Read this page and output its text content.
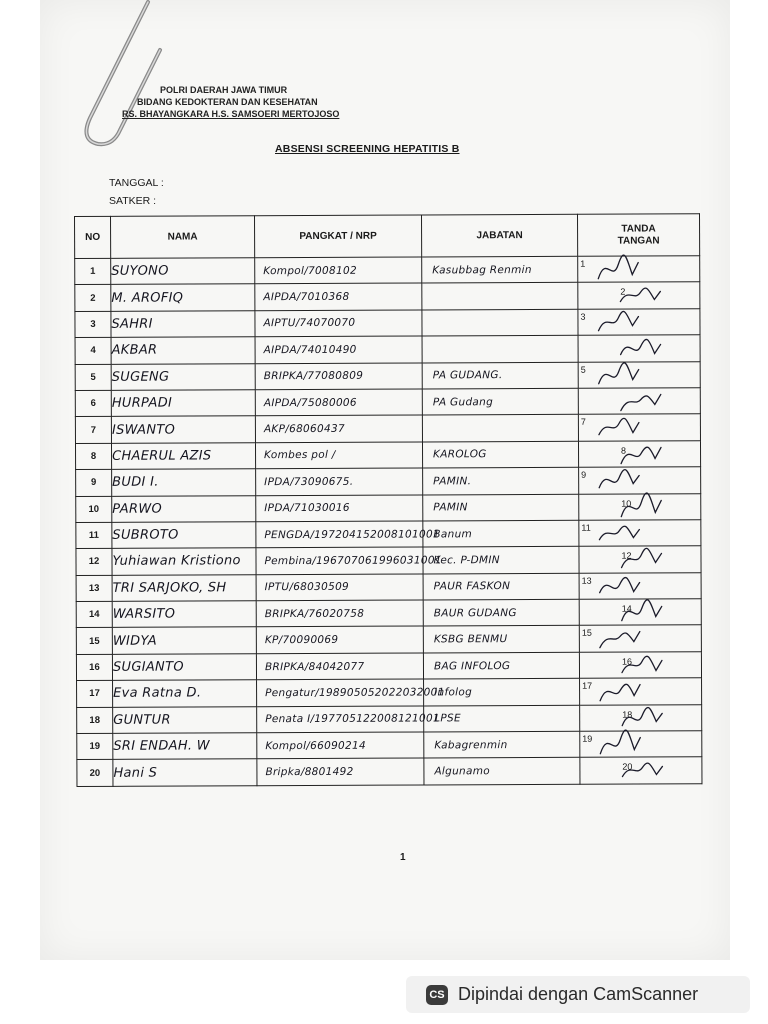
POLRI DAERAH JAWA TIMUR
BIDANG KEDOKTERAN DAN KESEHATAN
RS. BHAYANGKARA H.S. SAMSOERI MERTOJOSO
ABSENSI SCREENING HEPATITIS B
TANGGAL :
SATKER :
NO	NAMA	PANGKAT / NRP	JABATAN	TANDA
TANGAN
1	SUYONO	Kompol/7008102	Kasubbag Renmin	1

2	M. AROFIQ	AIPDA/7010368		2

3	SAHRI	AIPTU/74070070		3

4	AKBAR	AIPDA/74010490		

5	SUGENG	BRIPKA/77080809	PA GUDANG.	5

6	HURPADI	AIPDA/75080006	PA Gudang	

7	ISWANTO	AKP/68060437		7

8	CHAERUL AZIS	Kombes pol /	KAROLOG	8

9	BUDI I.	IPDA/73090675.	PAMIN.	9

10	PARWO	IPDA/71030016	PAMIN	10

11	SUBROTO	PENGDA/197204152008101001	Banum	11

12	Yuhiawan Kristiono	Pembina/196707061996031001	Kec. P-DMIN	12

13	TRI SARJOKO, SH	IPTU/68030509	PAUR FASKON	13

14	WARSITO	BRIPKA/76020758	BAUR GUDANG	14

15	WIDYA	KP/70090069	KSBG BENMU	15

16	SUGIANTO	BRIPKA/84042077	BAG INFOLOG	16

17	Eva Ratna D.	Pengatur/198905052022032001	Infolog	17

18	GUNTUR	Penata I/197705122008121001	LPSE	18

19	SRI ENDAH. W	Kompol/66090214	Kabagrenmin	19

20	Hani S	Bripka/8801492	Algunamo	20
1
CS Dipindai dengan CamScanner
